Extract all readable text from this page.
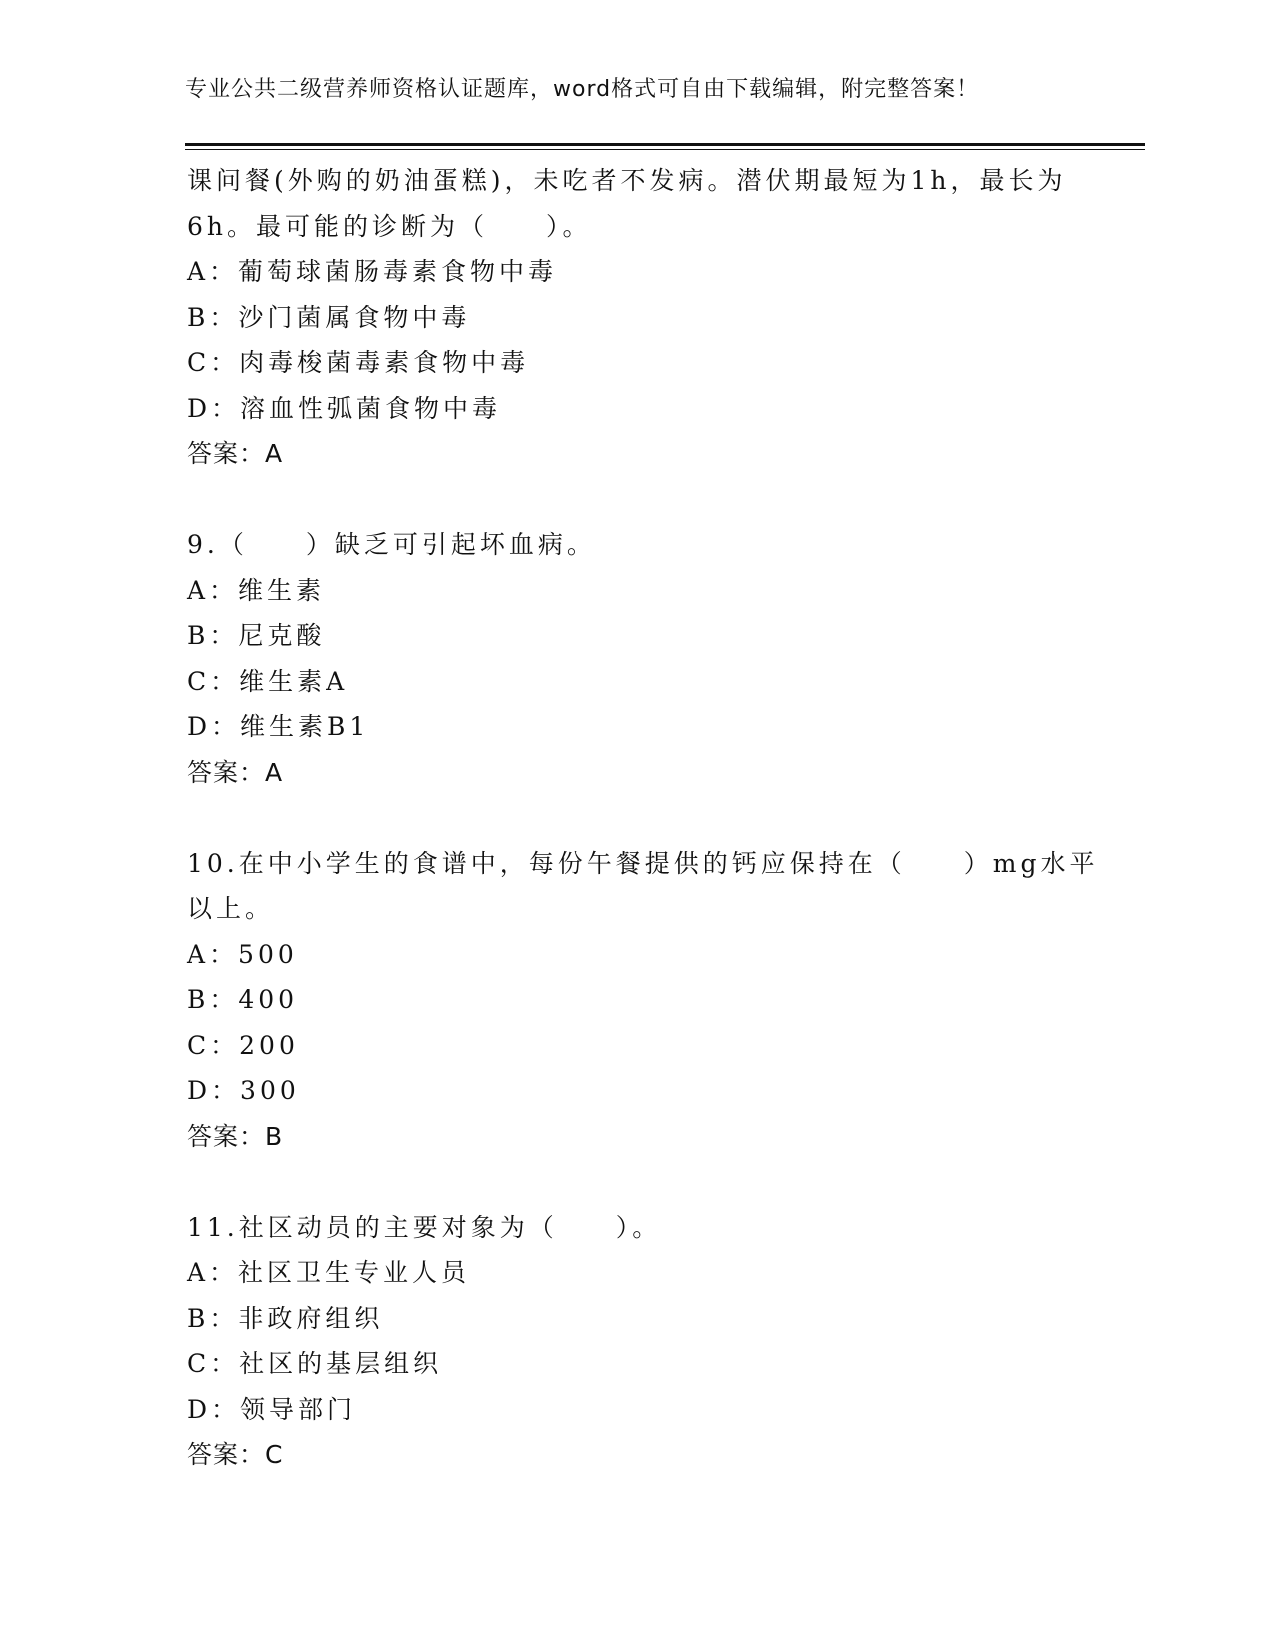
专业公共二级营养师资格认证题库，word格式可自由下载编辑，附完整答案！
课问餐(外购的奶油蛋糕)，未吃者不发病。潜伏期最短为1h，最长为
6h。最可能的诊断为（　　）。
A：葡萄球菌肠毒素食物中毒
B：沙门菌属食物中毒
C：肉毒梭菌毒素食物中毒
D：溶血性弧菌食物中毒
答案：A
9.（　　）缺乏可引起坏血病。
A：维生素
B：尼克酸
C：维生素A
D：维生素B1
答案：A
10.在中小学生的食谱中，每份午餐提供的钙应保持在（　　）mg水平
以上。
A：500
B：400
C：200
D：300
答案：B
11.社区动员的主要对象为（　　）。
A：社区卫生专业人员
B：非政府组织
C：社区的基层组织
D：领导部门
答案：C
